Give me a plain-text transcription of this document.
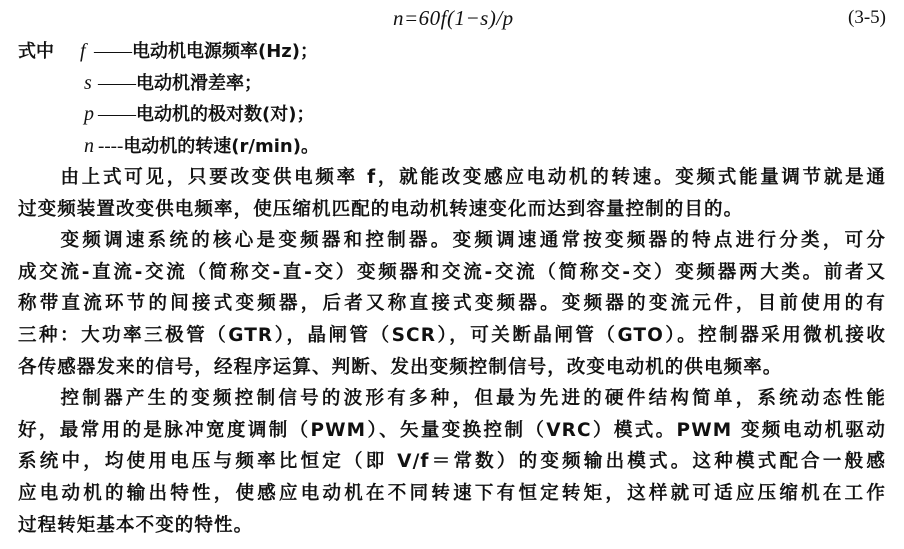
n=60f(1−s)/p	(3-5)
式中	f —— 电动机电源频率(Hz)；
s —— 电动机滑差率；
p —— 电动机的极对数(对)；
n ---- 电动机的转速(r/min)。
由上式可见，只要改变供电频率 f，就能改变感应电动机的转速。变频式能量调节就是通
过变频装置改变供电频率，使压缩机匹配的电动机转速变化而达到容量控制的目的。
变频调速系统的核心是变频器和控制器。变频调速通常按变频器的特点进行分类，可分
成交流-直流-交流（简称交-直-交）变频器和交流-交流（简称交-交）变频器两大类。前者又
称带直流环节的间接式变频器，后者又称直接式变频器。变频器的变流元件，目前使用的有
三种：大功率三极管（GTR），晶闸管（SCR），可关断晶闸管（GTO）。控制器采用微机接收
各传感器发来的信号，经程序运算、判断、发出变频控制信号，改变电动机的供电频率。
控制器产生的变频控制信号的波形有多种，但最为先进的硬件结构简单，系统动态性能
好，最常用的是脉冲宽度调制（PWM）、矢量变换控制（VRC）模式。PWM 变频电动机驱动
系统中，均使用电压与频率比恒定（即 V/f＝常数）的变频输出模式。这种模式配合一般感
应电动机的输出特性，使感应电动机在不同转速下有恒定转矩，这样就可适应压缩机在工作
过程转矩基本不变的特性。
